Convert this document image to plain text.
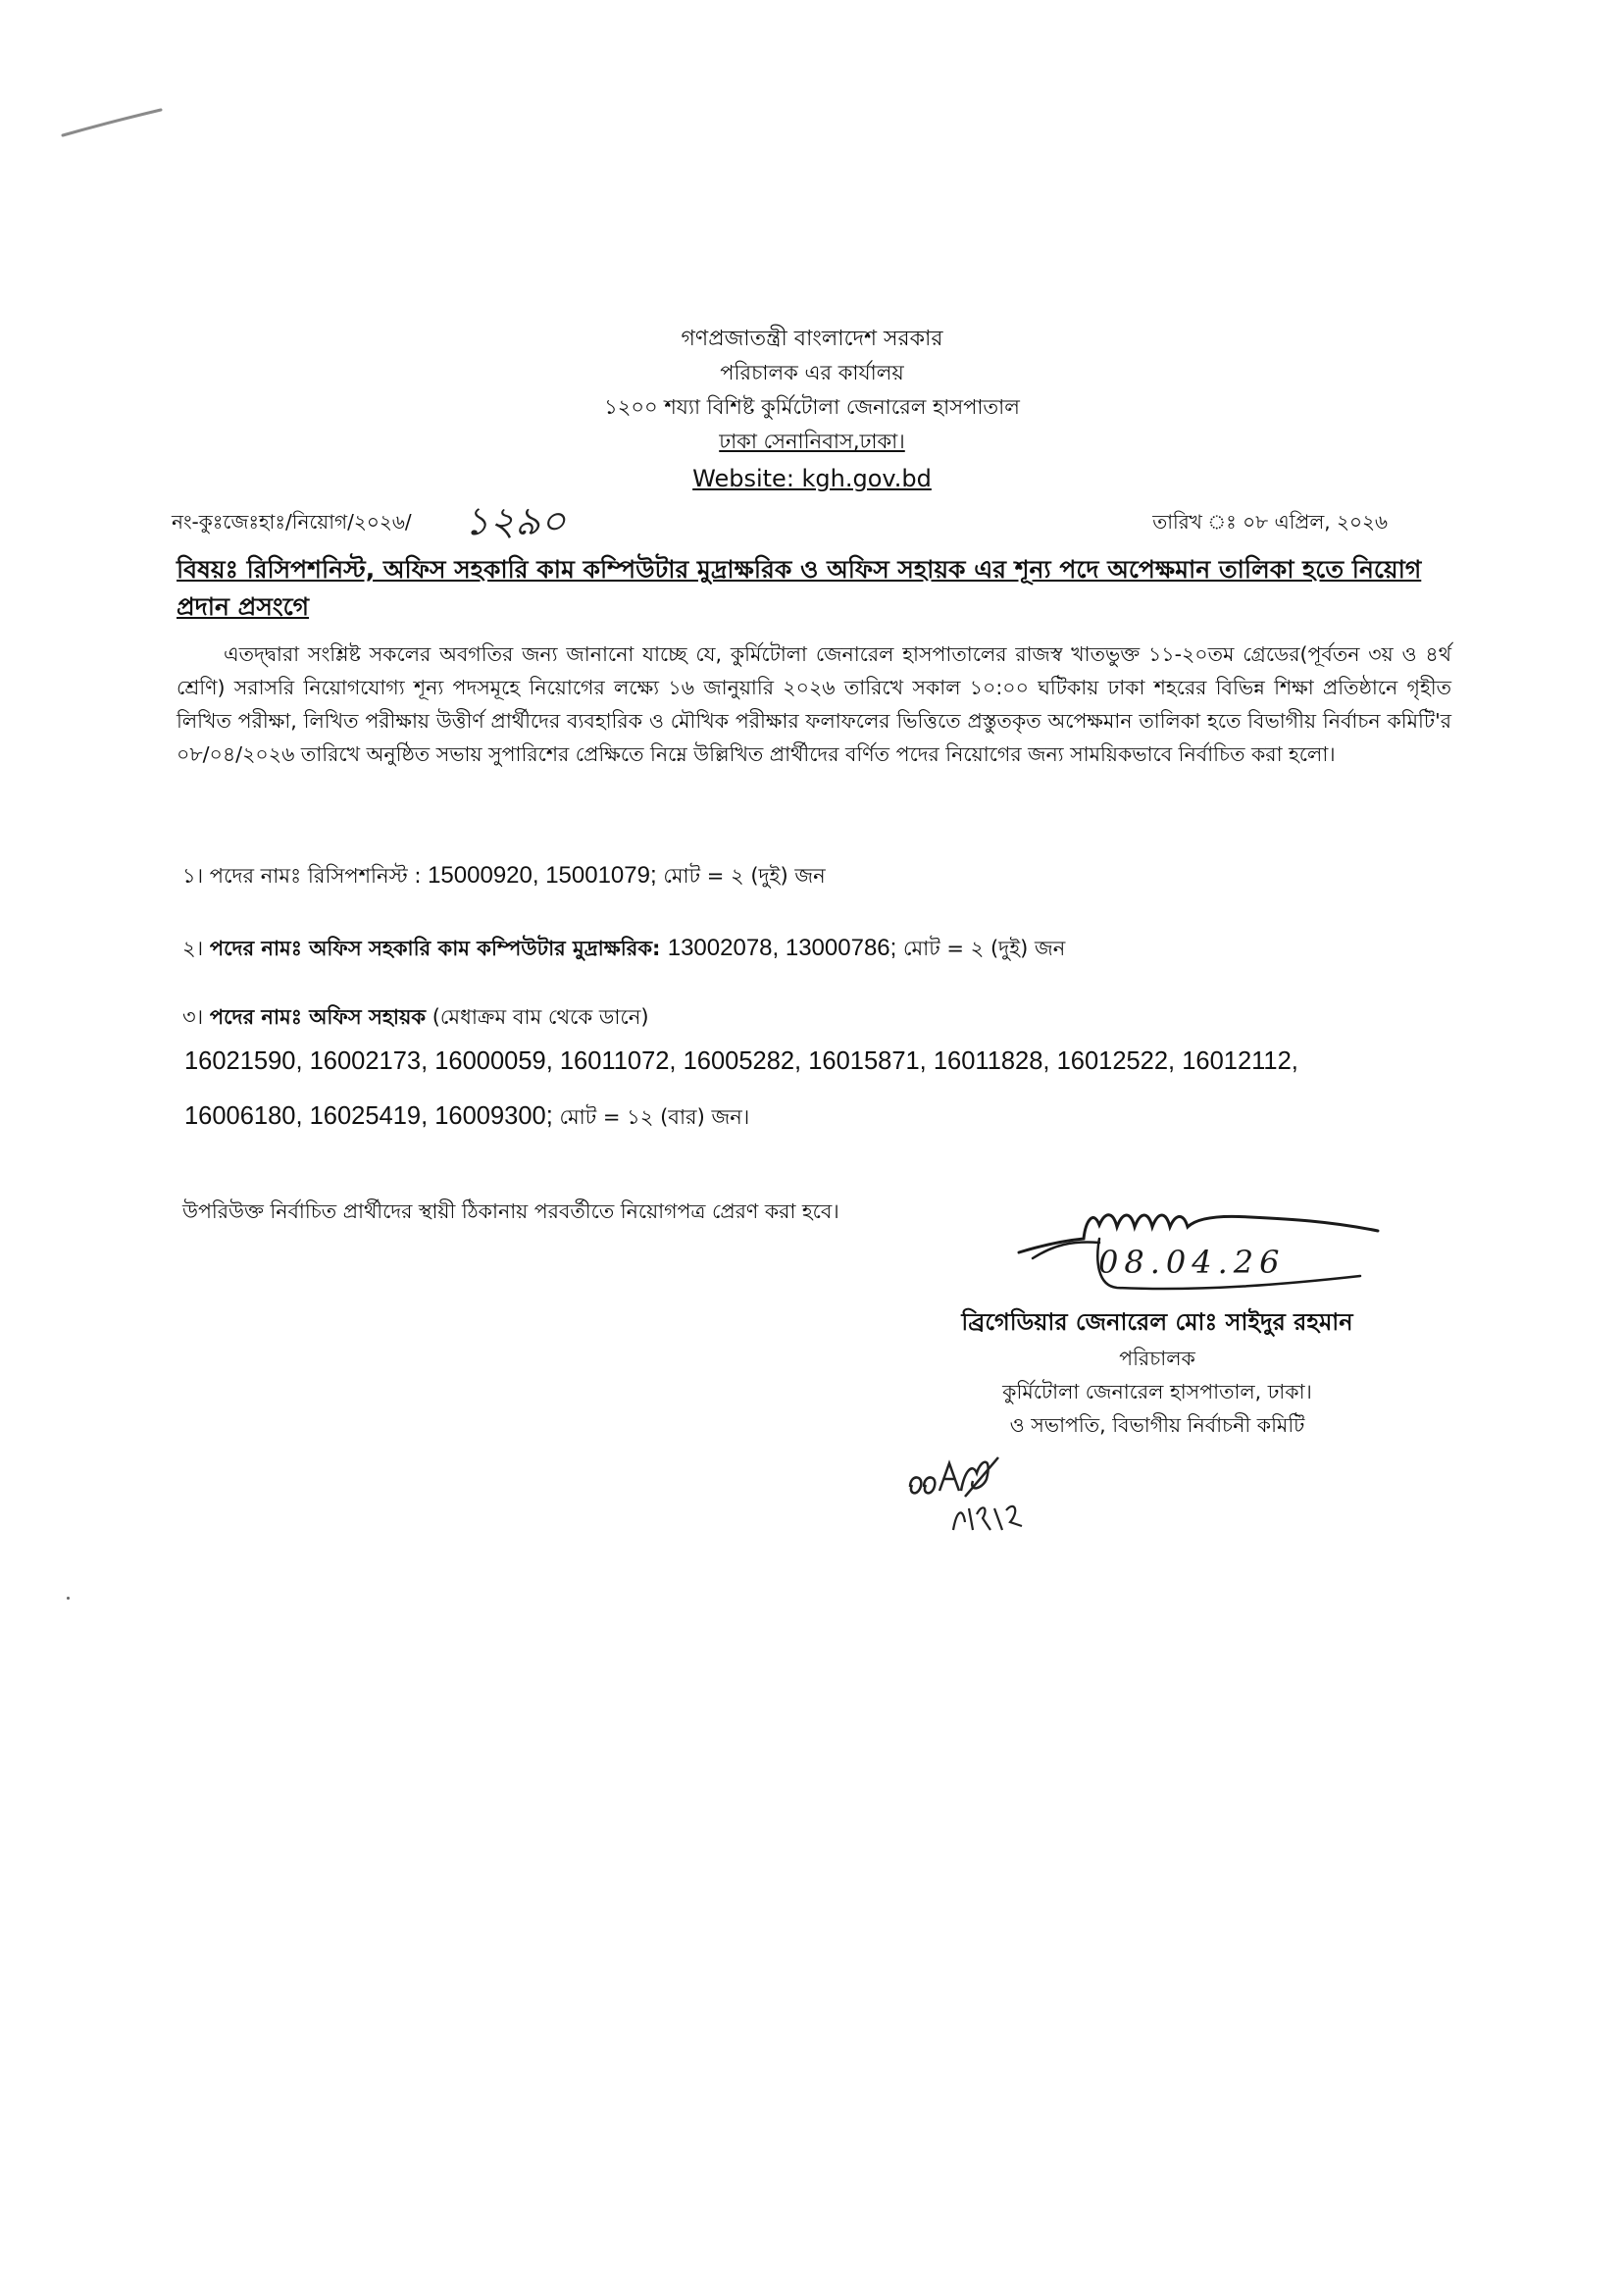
গণপ্রজাতন্ত্রী বাংলাদেশ সরকার
পরিচালক এর কার্যালয়
১২০০ শয্যা বিশিষ্ট কুর্মিটোলা জেনারেল হাসপাতাল
ঢাকা সেনানিবাস,ঢাকা।
Website: kgh.gov.bd
নং-কুঃজেঃহাঃ/নিয়োগ/২০২৬/ ১২৯০	তারিখ ঃ ০৮ এপ্রিল, ২০২৬
বিষয়ঃ রিসিপশনিস্ট, অফিস সহকারি কাম কম্পিউটার মুদ্রাক্ষরিক ও অফিস সহায়ক এর শূন্য পদে অপেক্ষমান তালিকা হতে নিয়োগ প্রদান প্রসংগে
এতদ্দ্বারা সংশ্লিষ্ট সকলের অবগতির জন্য জানানো যাচ্ছে যে, কুর্মিটোলা জেনারেল হাসপাতালের রাজস্ব খাতভুক্ত ১১-২০তম গ্রেডের(পূর্বতন ৩য় ও ৪র্থ শ্রেণি) সরাসরি নিয়োগযোগ্য শূন্য পদসমূহে নিয়োগের লক্ষ্যে ১৬ জানুয়ারি ২০২৬ তারিখে সকাল ১০:০০ ঘটিকায় ঢাকা শহরের বিভিন্ন শিক্ষা প্রতিষ্ঠানে গৃহীত লিখিত পরীক্ষা, লিখিত পরীক্ষায় উত্তীর্ণ প্রার্থীদের ব্যবহারিক ও মৌখিক পরীক্ষার ফলাফলের ভিত্তিতে প্রস্তুতকৃত অপেক্ষমান তালিকা হতে বিভাগীয় নির্বাচন কমিটি'র ০৮/০৪/২০২৬ তারিখে অনুষ্ঠিত সভায় সুপারিশের প্রেক্ষিতে নিম্নে উল্লিখিত প্রার্থীদের বর্ণিত পদের নিয়োগের জন্য সাময়িকভাবে নির্বাচিত করা হলো।
১। পদের নামঃ রিসিপশনিস্ট : 15000920, 15001079; মোট = ২ (দুই) জন
২। পদের নামঃ অফিস সহকারি কাম কম্পিউটার মুদ্রাক্ষরিক: 13002078, 13000786; মোট = ২ (দুই) জন
৩। পদের নামঃ অফিস সহায়ক (মেধাক্রম বাম থেকে ডানে)
16021590, 16002173, 16000059, 16011072, 16005282, 16015871, 16011828, 16012522, 16012112,
16006180, 16025419, 16009300; মোট = ১২ (বার) জন।
উপরিউক্ত নির্বাচিত প্রার্থীদের স্থায়ী ঠিকানায় পরবর্তীতে নিয়োগপত্র প্রেরণ করা হবে।
08.04.26
ব্রিগেডিয়ার জেনারেল মোঃ সাইদুর রহমান
পরিচালক
কুর্মিটোলা জেনারেল হাসপাতাল, ঢাকা।
ও সভাপতি, বিভাগীয় নির্বাচনী কমিটি
